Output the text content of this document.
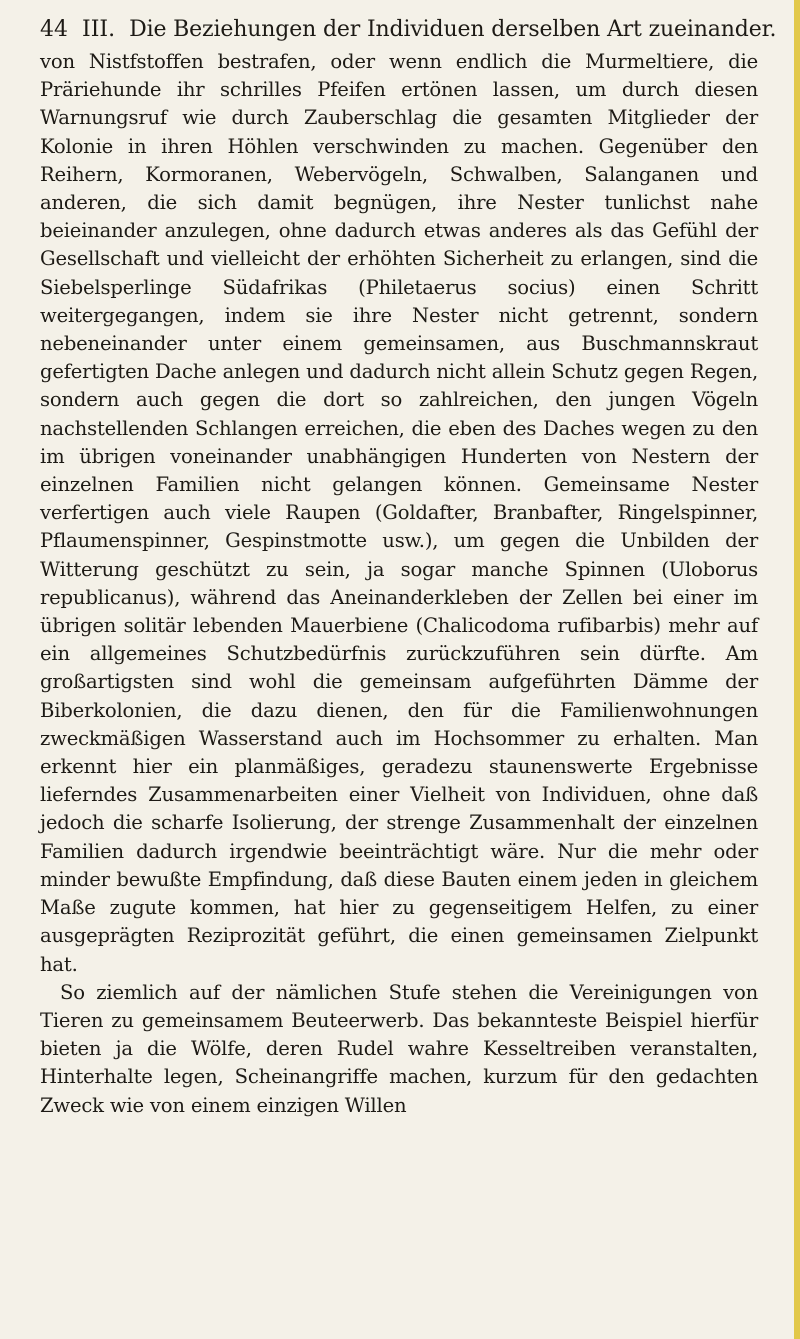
44 III. Die Beziehungen der Individuen derselben Art zueinander.

von Nistfstoffen bestrafen, oder wenn endlich die Murmeltiere, die Präriehunde ihr schrilles Pfeifen ertönen lassen, um durch diesen Warnungsruf wie durch Zauberschlag die gesamten Mitglieder der Kolonie in ihren Höhlen verschwinden zu machen. Gegenüber den Reihern, Kormoranen, Webervögeln, Schwalben, Salanganen und anderen, die sich damit begnügen, ihre Nester tunlichst nahe beieinander anzulegen, ohne dadurch etwas anderes als das Gefühl der Gesellschaft und vielleicht der erhöhten Sicherheit zu erlangen, sind die Siebelsperlinge Südafrikas (Philetaerus socius) einen Schritt weitergegangen, indem sie ihre Nester nicht getrennt, sondern nebeneinander unter einem gemeinsamen, aus Buschmannskraut gefertigten Dache anlegen und dadurch nicht allein Schutz gegen Regen, sondern auch gegen die dort so zahlreichen, den jungen Vögeln nachstellenden Schlangen erreichen, die eben des Daches wegen zu den im übrigen voneinander unabhängigen Hunderten von Nestern der einzelnen Familien nicht gelangen können. Gemeinsame Nester verfertigen auch viele Raupen (Goldafter, Branbafter, Ringelspinner, Pflaumenspinner, Gespinstmotte usw.), um gegen die Unbilden der Witterung geschützt zu sein, ja sogar manche Spinnen (Uloborus republicanus), während das Aneinanderkleben der Zellen bei einer im übrigen solitär lebenden Mauerbiene (Chalicodoma rufibarbis) mehr auf ein allgemeines Schutzbedürfnis zurückzuführen sein dürfte. Am großartigsten sind wohl die gemeinsam aufgeführten Dämme der Biberkolonien, die dazu dienen, den für die Familienwohnungen zweckmäßigen Wasserstand auch im Hochsommer zu erhalten. Man erkennt hier ein planmäßiges, geradezu staunenswerte Ergebnisse lieferndes Zusammenarbeiten einer Vielheit von Individuen, ohne daß jedoch die scharfe Isolierung, der strenge Zusammenhalt der einzelnen Familien dadurch irgendwie beeinträchtigt wäre. Nur die mehr oder minder bewußte Empfindung, daß diese Bauten einem jeden in gleichem Maße zugute kommen, hat hier zu gegenseitigem Helfen, zu einer ausgeprägten Reziprozität geführt, die einen gemeinsamen Zielpunkt hat.

So ziemlich auf der nämlichen Stufe stehen die Vereinigungen von Tieren zu gemeinsamem Beuteerwerb. Das bekannteste Beispiel hierfür bieten ja die Wölfe, deren Rudel wahre Kesseltreiben veranstalten, Hinterhalte legen, Scheinangriffe machen, kurzum für den gedachten Zweck wie von einem einzigen Willen
